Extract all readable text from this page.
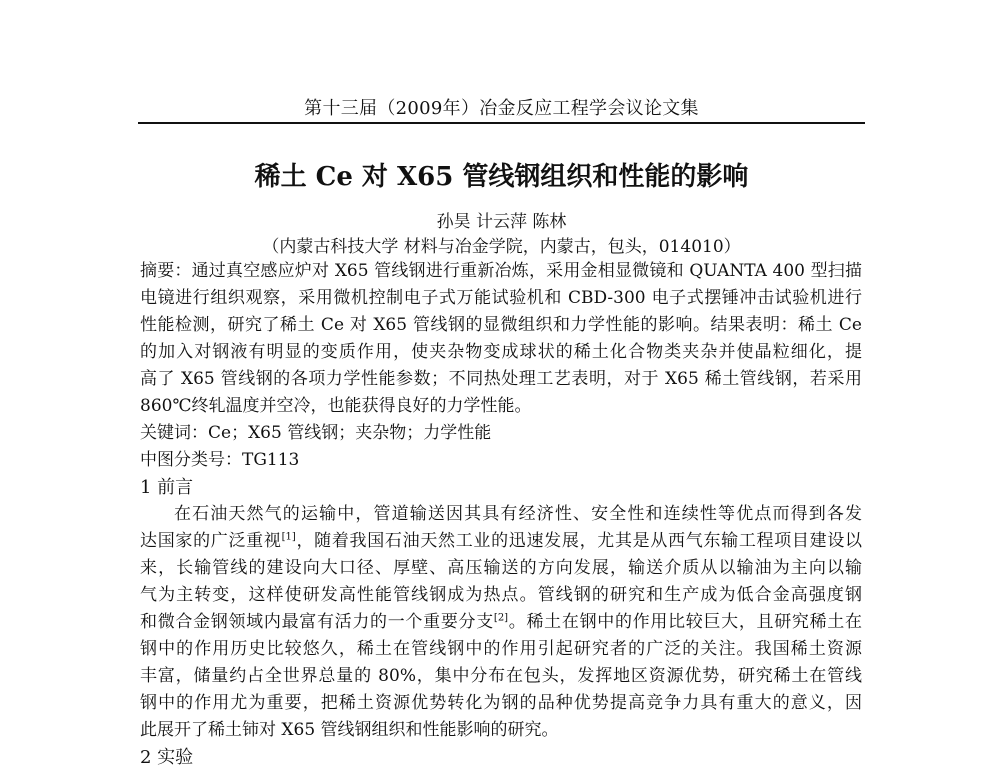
第十三届（2009年）冶金反应工程学会议论文集
稀土 Ce 对 X65 管线钢组织和性能的影响
孙昊 计云萍 陈林
（内蒙古科技大学 材料与冶金学院，内蒙古，包头，014010）
摘要：通过真空感应炉对 X65 管线钢进行重新冶炼，采用金相显微镜和 QUANTA 400 型扫描
电镜进行组织观察，采用微机控制电子式万能试验机和 CBD-300 电子式摆锤冲击试验机进行
性能检测，研究了稀土 Ce 对 X65 管线钢的显微组织和力学性能的影响。结果表明：稀土 Ce
的加入对钢液有明显的变质作用，使夹杂物变成球状的稀土化合物类夹杂并使晶粒细化，提
高了 X65 管线钢的各项力学性能参数；不同热处理工艺表明，对于 X65 稀土管线钢，若采用
860℃终轧温度并空冷，也能获得良好的力学性能。
关键词：Ce；X65 管线钢；夹杂物；力学性能
中图分类号：TG113
1 前言
在石油天然气的运输中，管道输送因其具有经济性、安全性和连续性等优点而得到各发
达国家的广泛重视[1]，随着我国石油天然工业的迅速发展，尤其是从西气东输工程项目建设以
来，长输管线的建设向大口径、厚壁、高压输送的方向发展，输送介质从以输油为主向以输
气为主转变，这样使研发高性能管线钢成为热点。管线钢的研究和生产成为低合金高强度钢
和微合金钢领域内最富有活力的一个重要分支[2]。稀土在钢中的作用比较巨大，且研究稀土在
钢中的作用历史比较悠久，稀土在管线钢中的作用引起研究者的广泛的关注。我国稀土资源
丰富，储量约占全世界总量的 80%，集中分布在包头，发挥地区资源优势，研究稀土在管线
钢中的作用尤为重要，把稀土资源优势转化为钢的品种优势提高竞争力具有重大的意义，因
此展开了稀土铈对 X65 管线钢组织和性能影响的研究。
2 实验
